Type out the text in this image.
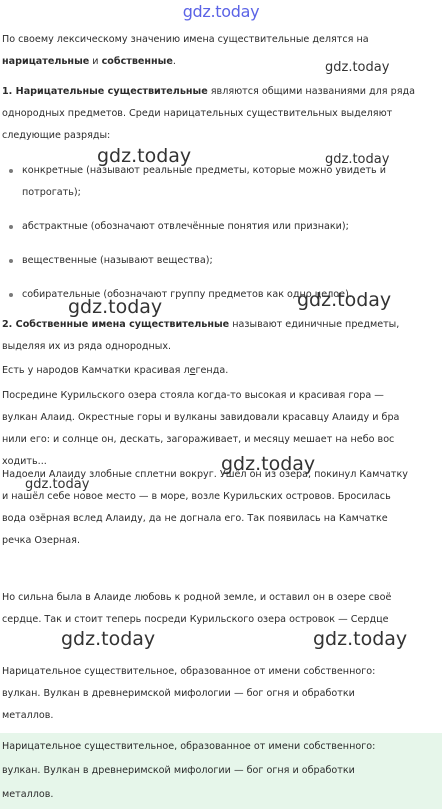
gdz.today

По своему лексическому значению имена существительные делятся на нарицательные и собственные.

1. Нарицательные существительные являются общими названиями для ряда однородных предметов. Среди нарицательных существительных выделяют следующие разряды:

конкретные (называют реальные предметы, которые можно увидеть и потрогать);
абстрактные (обозначают отвлечённые понятия или признаки);
вещественные (называют вещества);
собирательные (обозначают группу предметов как одно целое).

2. Собственные имена существительные называют единичные предметы, выделяя их из ряда однородных.

Есть у народов Камчатки красивая легенда.

Посредине Курильского озера стояла когда-то высокая и красивая гора —
вулкан Алаид. Окрестные горы и вулканы завидовали красавцу Алаиду и бра
нили его: и солнце он, дескать, загораживает, и месяцу мешает на небо вос
ходить...
Надоели Алаиду злобные сплетни вокруг. Ушёл он из озера, покинул Камчатку
и нашёл себе новое место — в море, возле Курильских островов. Бросилась
вода озёрная вслед Алаиду, да не догнала его. Так появилась на Камчатке
речка Озерная.
Но сильна была в Алаиде любовь к родной земле, и оставил он в озере своё
сердце. Так и стоит теперь посреди Курильского озера островок — Сердце
Нарицательное существительное, образованное от имени собственного:
вулкан. Вулкан в древнеримской мифологии — бог огня и обработки
металлов.

Нарицательное существительное, образованное от имени собственного:
вулкан. Вулкан в древнеримской мифологии — бог огня и обработки
металлов.

gdz.today
gdz.today	gdz.today
gdz.today	gdz.today
gdz.today
gdz.today
gdz.today	gdz.today
